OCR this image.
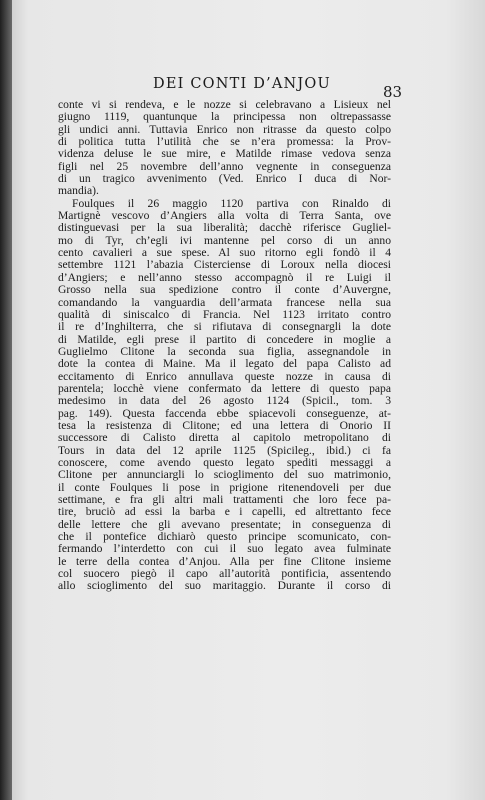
DEI CONTI D’ANJOU	83
conte vi si rendeva, e le nozze si celebravano a Lisieux nel
giugno 1119, quantunque la principessa non oltrepassasse
gli undici anni. Tuttavia Enrico non ritrasse da questo colpo
di politica tutta l’utilità che se n’era promessa: la Prov-
videnza deluse le sue mire, e Matilde rimase vedova senza
figli nel 25 novembre dell’anno vegnente in conseguenza
di un tragico avvenimento (Ved. Enrico I duca di Nor-
mandia).
Foulques il 26 maggio 1120 partiva con Rinaldo di
Martignè vescovo d’Angiers alla volta di Terra Santa, ove
distinguevasi per la sua liberalità; dacchè riferisce Gugliel-
mo di Tyr, ch’egli ivi mantenne pel corso di un anno
cento cavalieri a sue spese. Al suo ritorno egli fondò il 4
settembre 1121 l’abazia Cisterciense di Loroux nella diocesi
d’Angiers; e nell’anno stesso accompagnò il re Luigi il
Grosso nella sua spedizione contro il conte d’Auvergne,
comandando la vanguardia dell’armata francese nella sua
qualità di siniscalco di Francia. Nel 1123 irritato contro
il re d’Inghilterra, che si rifiutava di consegnargli la dote
di Matilde, egli prese il partito di concedere in moglie a
Guglielmo Clitone la seconda sua figlia, assegnandole in
dote la contea di Maine. Ma il legato del papa Calisto ad
eccitamento di Enrico annullava queste nozze in causa di
parentela; locchè viene confermato da lettere di questo papa
medesimo in data del 26 agosto 1124 (Spicil., tom. 3
pag. 149). Questa faccenda ebbe spiacevoli conseguenze, at-
tesa la resistenza di Clitone; ed una lettera di Onorio II
successore di Calisto diretta al capitolo metropolitano di
Tours in data del 12 aprile 1125 (Spicileg., ibid.) ci fa
conoscere, come avendo questo legato spediti messaggi a
Clitone per annunciargli lo scioglimento del suo matrimonio,
il conte Foulques li pose in prigione ritenendoveli per due
settimane, e fra gli altri mali trattamenti che loro fece pa-
tire, bruciò ad essi la barba e i capelli, ed altrettanto fece
delle lettere che gli avevano presentate; in conseguenza di
che il pontefice dichiarò questo principe scomunicato, con-
fermando l’interdetto con cui il suo legato avea fulminate
le terre della contea d’Anjou. Alla per fine Clitone insieme
col suocero piegò il capo all’autorità pontificia, assentendo
allo scioglimento del suo maritaggio. Durante il corso di
